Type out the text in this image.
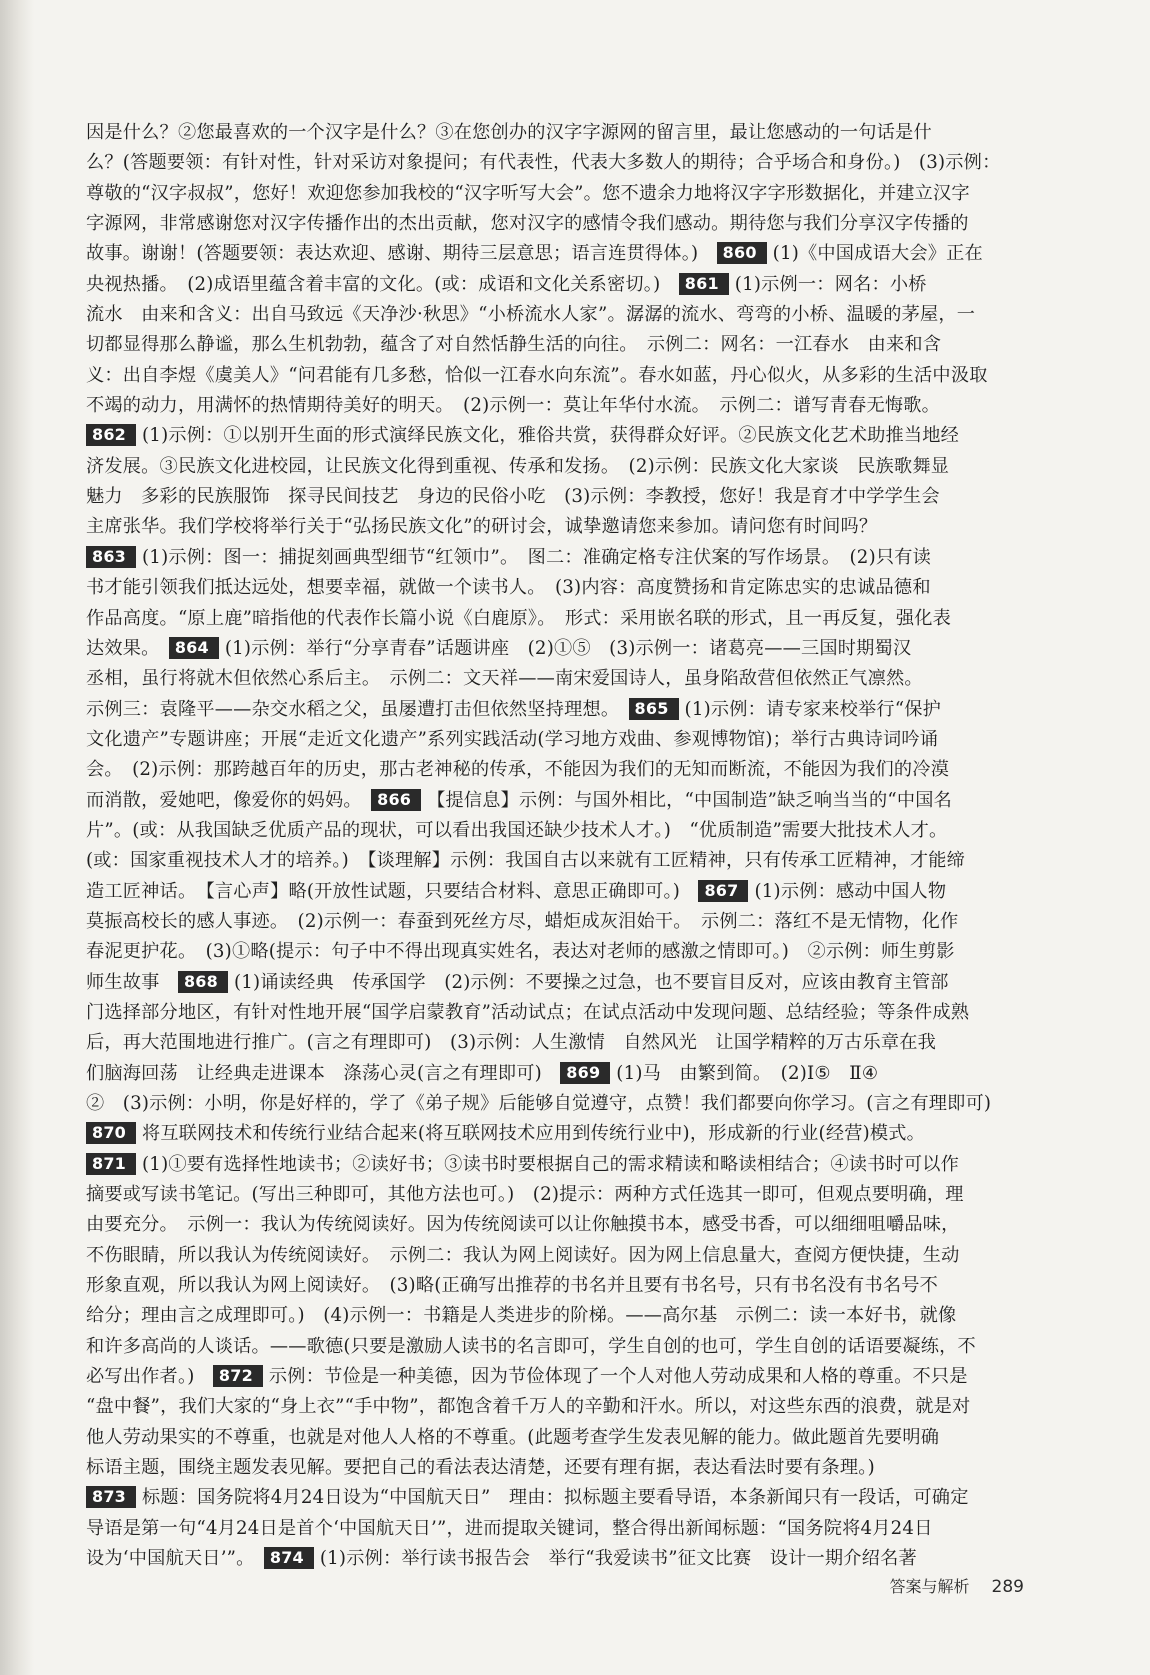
因是什么？②您最喜欢的一个汉字是什么？③在您创办的汉字字源网的留言里，最让您感动的一句话是什
么？(答题要领：有针对性，针对采访对象提问；有代表性，代表大多数人的期待；合乎场合和身份。)　(3)示例：
尊敬的“汉字叔叔”，您好！欢迎您参加我校的“汉字听写大会”。您不遗余力地将汉字字形数据化，并建立汉字
字源网，非常感谢您对汉字传播作出的杰出贡献，您对汉字的感情令我们感动。期待您与我们分享汉字传播的
故事。谢谢！(答题要领：表达欢迎、感谢、期待三层意思；语言连贯得体。)　860 (1)《中国成语大会》正在
央视热播。　(2)成语里蕴含着丰富的文化。(或：成语和文化关系密切。)　861 (1)示例一：网名：小桥
流水　由来和含义：出自马致远《天净沙·秋思》“小桥流水人家”。潺潺的流水、弯弯的小桥、温暖的茅屋，一
切都显得那么静谧，那么生机勃勃，蕴含了对自然恬静生活的向往。　示例二：网名：一江春水　由来和含
义：出自李煜《虞美人》“问君能有几多愁，恰似一江春水向东流”。春水如蓝，丹心似火，从多彩的生活中汲取
不竭的动力，用满怀的热情期待美好的明天。　(2)示例一：莫让年华付水流。　示例二：谱写青春无悔歌。
862 (1)示例：①以别开生面的形式演绎民族文化，雅俗共赏，获得群众好评。②民族文化艺术助推当地经
济发展。③民族文化进校园，让民族文化得到重视、传承和发扬。　(2)示例：民族文化大家谈　民族歌舞显
魅力　多彩的民族服饰　探寻民间技艺　身边的民俗小吃　(3)示例：李教授，您好！我是育才中学学生会
主席张华。我们学校将举行关于“弘扬民族文化”的研讨会，诚挚邀请您来参加。请问您有时间吗？
863 (1)示例：图一：捕捉刻画典型细节“红领巾”。　图二：准确定格专注伏案的写作场景。　(2)只有读
书才能引领我们抵达远处，想要幸福，就做一个读书人。　(3)内容：高度赞扬和肯定陈忠实的忠诚品德和
作品高度。“原上鹿”暗指他的代表作长篇小说《白鹿原》。　形式：采用嵌名联的形式，且一再反复，强化表
达效果。　864 (1)示例：举行“分享青春”话题讲座　(2)①⑤　(3)示例一：诸葛亮——三国时期蜀汉
丞相，虽行将就木但依然心系后主。　示例二：文天祥——南宋爱国诗人，虽身陷敌营但依然正气凛然。
示例三：袁隆平——杂交水稻之父，虽屡遭打击但依然坚持理想。　865 (1)示例：请专家来校举行“保护
文化遗产”专题讲座；开展“走近文化遗产”系列实践活动(学习地方戏曲、参观博物馆)；举行古典诗词吟诵
会。　(2)示例：那跨越百年的历史，那古老神秘的传承，不能因为我们的无知而断流，不能因为我们的冷漠
而消散，爱她吧，像爱你的妈妈。　866 【提信息】示例：与国外相比，“中国制造”缺乏响当当的“中国名
片”。(或：从我国缺乏优质产品的现状，可以看出我国还缺少技术人才。)　“优质制造”需要大批技术人才。
(或：国家重视技术人才的培养。)　【谈理解】示例：我国自古以来就有工匠精神，只有传承工匠精神，才能缔
造工匠神话。　【言心声】略(开放性试题，只要结合材料、意思正确即可。)　867 (1)示例：感动中国人物
莫振高校长的感人事迹。　(2)示例一：春蚕到死丝方尽，蜡炬成灰泪始干。　示例二：落红不是无情物，化作
春泥更护花。　(3)①略(提示：句子中不得出现真实姓名，表达对老师的感激之情即可。)　②示例：师生剪影
师生故事　868 (1)诵读经典　传承国学　(2)示例：不要操之过急，也不要盲目反对，应该由教育主管部
门选择部分地区，有针对性地开展“国学启蒙教育”活动试点；在试点活动中发现问题、总结经验；等条件成熟
后，再大范围地进行推广。(言之有理即可)　(3)示例：人生激情　自然风光　让国学精粹的万古乐章在我
们脑海回荡　让经典走进课本　涤荡心灵(言之有理即可)　869 (1)马　由繁到简。　(2)Ⅰ⑤　Ⅱ④
②　(3)示例：小明，你是好样的，学了《弟子规》后能够自觉遵守，点赞！我们都要向你学习。(言之有理即可)
870 将互联网技术和传统行业结合起来(将互联网技术应用到传统行业中)，形成新的行业(经营)模式。
871 (1)①要有选择性地读书；②读好书；③读书时要根据自己的需求精读和略读相结合；④读书时可以作
摘要或写读书笔记。(写出三种即可，其他方法也可。)　(2)提示：两种方式任选其一即可，但观点要明确，理
由要充分。　示例一：我认为传统阅读好。因为传统阅读可以让你触摸书本，感受书香，可以细细咀嚼品味，
不伤眼睛，所以我认为传统阅读好。　示例二：我认为网上阅读好。因为网上信息量大，查阅方便快捷，生动
形象直观，所以我认为网上阅读好。　(3)略(正确写出推荐的书名并且要有书名号，只有书名没有书名号不
给分；理由言之成理即可。)　(4)示例一：书籍是人类进步的阶梯。——高尔基　示例二：读一本好书，就像
和许多高尚的人谈话。——歌德(只要是激励人读书的名言即可，学生自创的也可，学生自创的话语要凝练，不
必写出作者。)　872 示例：节俭是一种美德，因为节俭体现了一个人对他人劳动成果和人格的尊重。不只是
“盘中餐”，我们大家的“身上衣”“手中物”，都饱含着千万人的辛勤和汗水。所以，对这些东西的浪费，就是对
他人劳动果实的不尊重，也就是对他人人格的不尊重。(此题考查学生发表见解的能力。做此题首先要明确
标语主题，围绕主题发表见解。要把自己的看法表达清楚，还要有理有据，表达看法时要有条理。)
873 标题：国务院将4月24日设为“中国航天日”　理由：拟标题主要看导语，本条新闻只有一段话，可确定
导语是第一句“4月24日是首个‘中国航天日’”，进而提取关键词，整合得出新闻标题：“国务院将4月24日
设为‘中国航天日’”。　874 (1)示例：举行读书报告会　举行“我爱读书”征文比赛　设计一期介绍名著
答案与解析 289
